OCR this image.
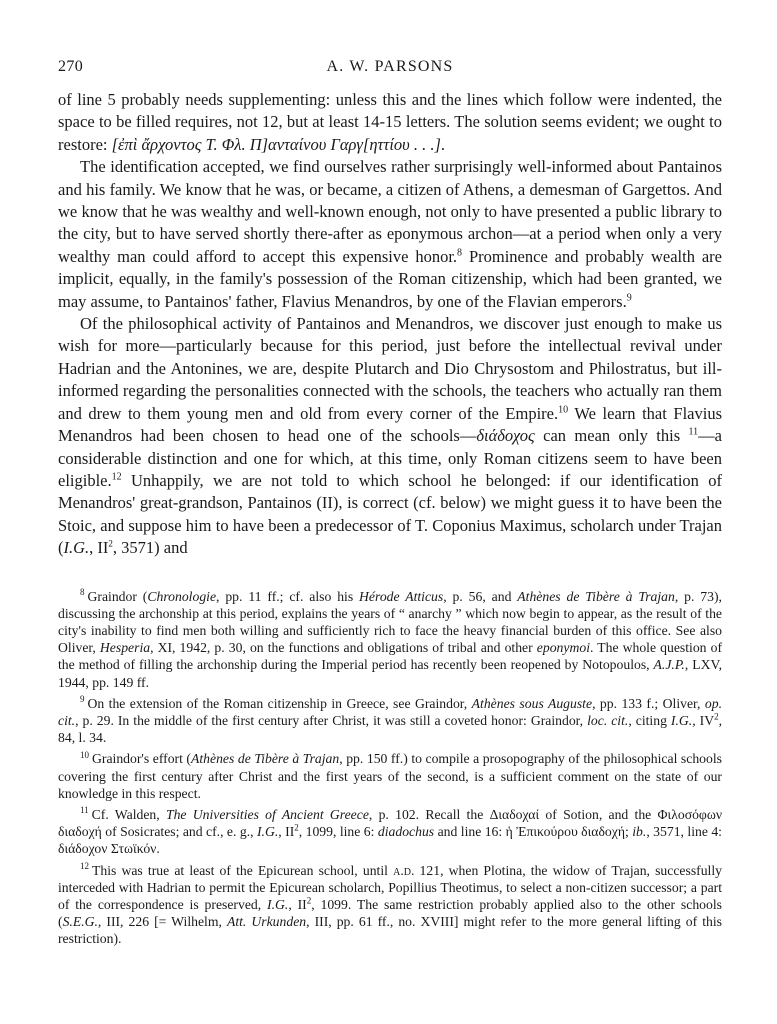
270	A. W. PARSONS

of line 5 probably needs supplementing: unless this and the lines which follow were indented, the space to be filled requires, not 12, but at least 14-15 letters. The solution seems evident; we ought to restore: [ἐπὶ ἄρχοντος Τ. Φλ. Π]ανταίνου Γαργ[ηττίου . . .].

The identification accepted, we find ourselves rather surprisingly well-informed about Pantainos and his family. We know that he was, or became, a citizen of Athens, a demesman of Gargettos. And we know that he was wealthy and well-known enough, not only to have presented a public library to the city, but to have served shortly there-after as eponymous archon—at a period when only a very wealthy man could afford to accept this expensive honor.$^8$ Prominence and probably wealth are implicit, equally, in the family's possession of the Roman citizenship, which had been granted, we may assume, to Pantainos' father, Flavius Menandros, by one of the Flavian emperors.$^9$

Of the philosophical activity of Pantainos and Menandros, we discover just enough to make us wish for more—particularly because for this period, just before the intellectual revival under Hadrian and the Antonines, we are, despite Plutarch and Dio Chrysostom and Philostratus, but ill-informed regarding the personalities connected with the schools, the teachers who actually ran them and drew to them young men and old from every corner of the Empire.$^{10}$ We learn that Flavius Menandros had been chosen to head one of the schools—διάδοχος can mean only this $^{11}$—a considerable distinction and one for which, at this time, only Roman citizens seem to have been eligible.$^{12}$ Unhappily, we are not told to which school he belonged: if our identification of Menandros' great-grandson, Pantainos (II), is correct (cf. below) we might guess it to have been the Stoic, and suppose him to have been a predecessor of T. Coponius Maximus, scholarch under Trajan (I.G., $II^2$, 3571) and

$^8$ Graindor (Chronologie, pp. 11 ff.; cf. also his Hérode Atticus, p. 56, and Athènes de Tibère à Trajan, p. 73), discussing the archonship at this period, explains the years of “ anarchy ” which now begin to appear, as the result of the city's inability to find men both willing and sufficiently rich to face the heavy financial burden of this office. See also Oliver, Hesperia, XI, 1942, p. 30, on the functions and obligations of tribal and other eponymoi. The whole question of the method of filling the archonship during the Imperial period has recently been reopened by Notopoulos, A.J.P., LXV, 1944, pp. 149 ff.

$^9$ On the extension of the Roman citizenship in Greece, see Graindor, Athènes sous Auguste, pp. 133 f.; Oliver, op. cit., p. 29. In the middle of the first century after Christ, it was still a coveted honor: Graindor, loc. cit., citing I.G., $IV^2$, 84, l. 34.

$^{10}$ Graindor's effort (Athènes de Tibère à Trajan, pp. 150 ff.) to compile a prosopography of the philosophical schools covering the first century after Christ and the first years of the second, is a sufficient comment on the state of our knowledge in this respect.

$^{11}$ Cf. Walden, The Universities of Ancient Greece, p. 102. Recall the Διαδοχαί of Sotion, and the Φιλοσόφων διαδοχή of Sosicrates; and cf., e. g., I.G., $II^2$, 1099, line 6: diadochus and line 16: ἡ Ἐπικούρου διαδοχή; ib., 3571, line 4: διάδοχον Στωϊκόν.

$^{12}$ This was true at least of the Epicurean school, until a.d. 121, when Plotina, the widow of Trajan, successfully interceded with Hadrian to permit the Epicurean scholarch, Popillius Theotimus, to select a non-citizen successor; a part of the correspondence is preserved, I.G., $II^2$, 1099. The same restriction probably applied also to the other schools (S.E.G., III, 226 [= Wilhelm, Att. Urkunden, III, pp. 61 ff., no. XVIII] might refer to the more general lifting of this restriction).
